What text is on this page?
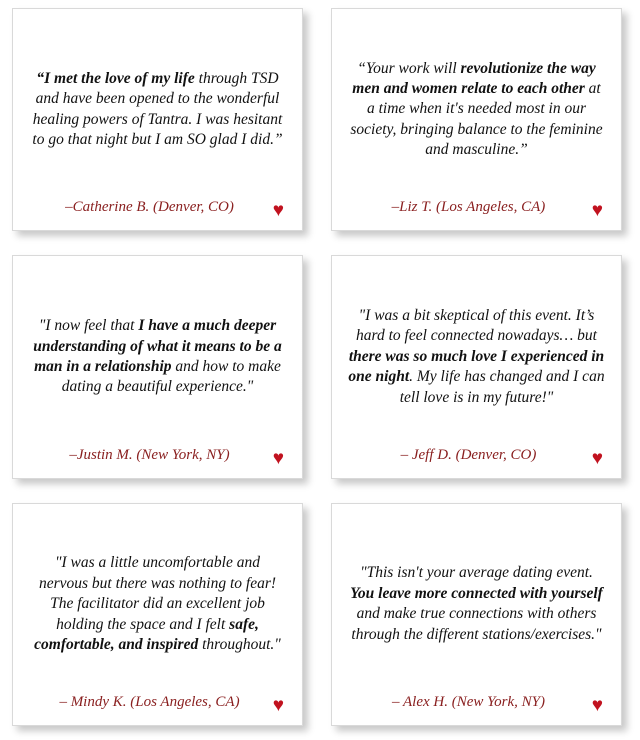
“I met the love of my life through TSD and have been opened to the wonderful healing powers of Tantra. I was hesitant to go that night but I am SO glad I did.”
–Catherine B. (Denver, CO) ♥
“Your work will revolutionize the way men and women relate to each other at a time when it's needed most in our society, bringing balance to the feminine and masculine.”
–Liz T. (Los Angeles, CA) ♥
"I now feel that I have a much deeper understanding of what it means to be a man in a relationship and how to make dating a beautiful experience."
–Justin M. (New York, NY) ♥
"I was a bit skeptical of this event. It’s hard to feel connected nowadays… but there was so much love I experienced in one night. My life has changed and I can tell love is in my future!"
– Jeff D. (Denver, CO)	♥
"I was a little uncomfortable and nervous but there was nothing to fear! The facilitator did an excellent job holding the space and I felt safe, comfortable, and inspired throughout."
– Mindy K. (Los Angeles, CA) ♥
"This isn't your average dating event. You leave more connected with yourself and make true connections with others through the different stations/exercises."
– Alex H. (New York, NY) ♥
